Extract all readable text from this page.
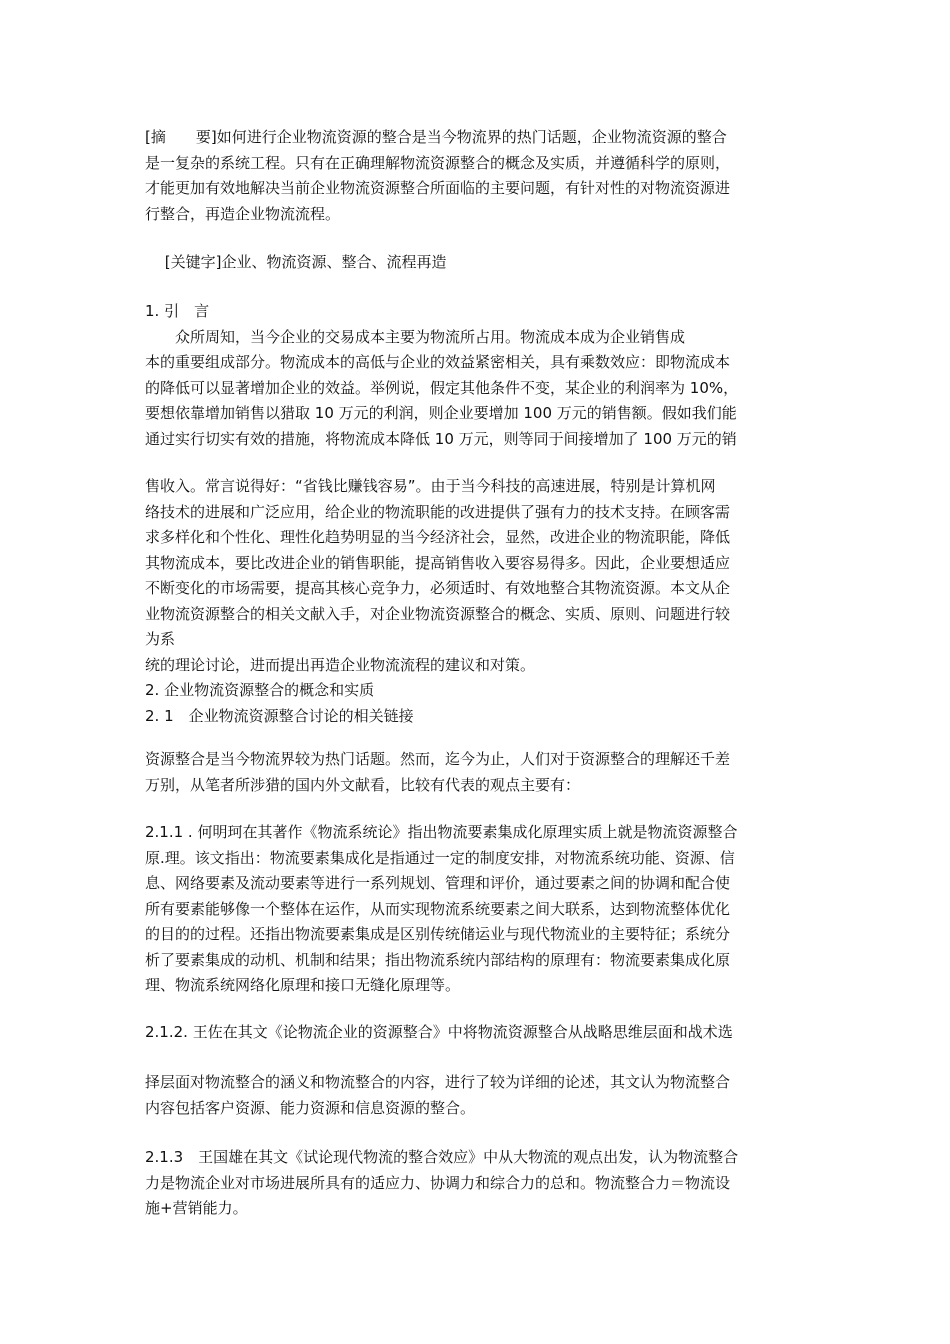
[摘　　要]如何进行企业物流资源的整合是当今物流界的热门话题，企业物流资源的整合
是一复杂的系统工程。只有在正确理解物流资源整合的概念及实质，并遵循科学的原则，
才能更加有效地解决当前企业物流资源整合所面临的主要问题，有针对性的对物流资源进
行整合，再造企业物流流程。
　 [关键字]企业、物流资源、整合、流程再造
1. 引　言
　　众所周知，当今企业的交易成本主要为物流所占用。物流成本成为企业销售成
本的重要组成部分。物流成本的高低与企业的效益紧密相关，具有乘数效应：即物流成本
的降低可以显著增加企业的效益。举例说，假定其他条件不变，某企业的利润率为 10%，
要想依靠增加销售以猎取 10 万元的利润，则企业要增加 100 万元的销售额。假如我们能
通过实行切实有效的措施，将物流成本降低 10 万元，则等同于间接增加了 100 万元的销
售收入。常言说得好：“省钱比赚钱容易”。由于当今科技的高速进展，特别是计算机网
络技术的进展和广泛应用，给企业的物流职能的改进提供了强有力的技术支持。在顾客需
求多样化和个性化、理性化趋势明显的当今经济社会，显然，改进企业的物流职能，降低
其物流成本，要比改进企业的销售职能，提高销售收入要容易得多。因此，企业要想适应
不断变化的市场需要，提高其核心竞争力，必须适时、有效地整合其物流资源。本文从企
业物流资源整合的相关文献入手，对企业物流资源整合的概念、实质、原则、问题进行较
为系
统的理论讨论，进而提出再造企业物流流程的建议和对策。
2. 企业物流资源整合的概念和实质
2. 1　企业物流资源整合讨论的相关链接
资源整合是当今物流界较为热门话题。然而，迄今为止，人们对于资源整合的理解还千差
万别，从笔者所涉猎的国内外文献看，比较有代表的观点主要有：
2.1.1 . 何明珂在其著作《物流系统论》指出物流要素集成化原理实质上就是物流资源整合
原.理。该文指出：物流要素集成化是指通过一定的制度安排，对物流系统功能、资源、信
息、网络要素及流动要素等进行一系列规划、管理和评价，通过要素之间的协调和配合使
所有要素能够像一个整体在运作，从而实现物流系统要素之间大联系，达到物流整体优化
的目的的过程。还指出物流要素集成是区别传统储运业与现代物流业的主要特征；系统分
析了要素集成的动机、机制和结果；指出物流系统内部结构的原理有：物流要素集成化原
理、物流系统网络化原理和接口无缝化原理等。
2.1.2. 王佐在其文《论物流企业的资源整合》中将物流资源整合从战略思维层面和战术选
择层面对物流整合的涵义和物流整合的内容，进行了较为详细的论述，其文认为物流整合
内容包括客户资源、能力资源和信息资源的整合。
2.1.3　王国雄在其文《试论现代物流的整合效应》中从大物流的观点出发，认为物流整合
力是物流企业对市场进展所具有的适应力、协调力和综合力的总和。物流整合力＝物流设
施+营销能力。
